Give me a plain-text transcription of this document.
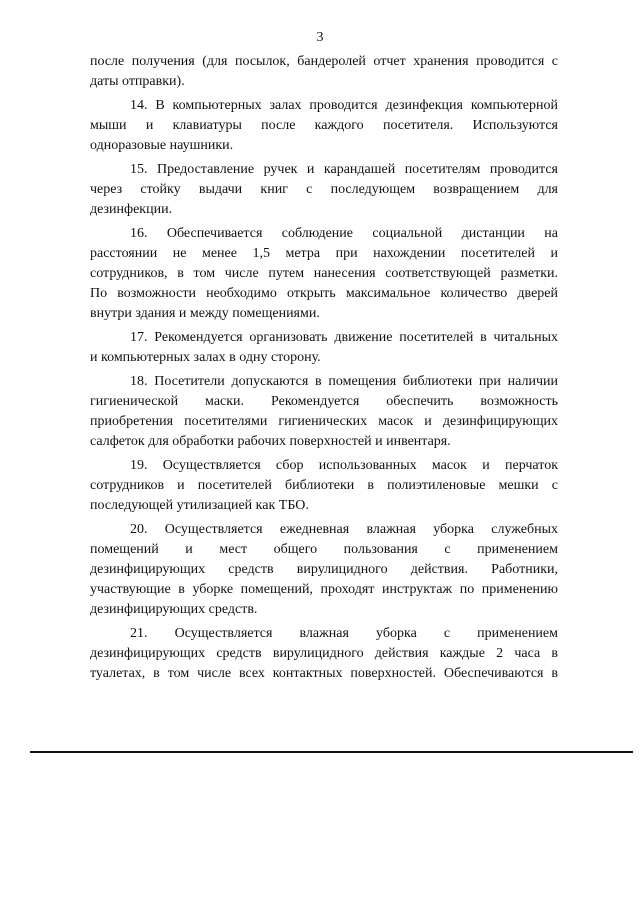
3
после получения (для посылок, бандеролей отчет хранения проводится с
даты отправки).
14. В компьютерных залах проводится дезинфекция компьютерной
мыши и клавиатуры после каждого посетителя. Используются
одноразовые наушники.
15. Предоставление ручек и карандашей посетителям проводится
через стойку выдачи книг с последующем возвращением для
дезинфекции.
16. Обеспечивается соблюдение социальной дистанции на
расстоянии не менее 1,5 метра при нахождении посетителей и
сотрудников, в том числе путем нанесения соответствующей разметки.
По возможности необходимо открыть максимальное количество дверей
внутри здания и между помещениями.
17. Рекомендуется организовать движение посетителей в читальных
и компьютерных залах в одну сторону.
18. Посетители допускаются в помещения библиотеки при наличии
гигиенической маски. Рекомендуется обеспечить возможность
приобретения посетителями гигиенических масок и дезинфицирующих
салфеток для обработки рабочих поверхностей и инвентаря.
19. Осуществляется сбор использованных масок и перчаток
сотрудников и посетителей библиотеки в полиэтиленовые мешки с
последующей утилизацией как ТБО.
20. Осуществляется ежедневная влажная уборка служебных
помещений и мест общего пользования с применением
дезинфицирующих средств вирулицидного действия. Работники,
участвующие в уборке помещений, проходят инструктаж по применению
дезинфицирующих средств.
21. Осуществляется влажная уборка с применением
дезинфицирующих средств вирулицидного действия каждые 2 часа в
туалетах, в том числе всех контактных поверхностей. Обеспечиваются в
